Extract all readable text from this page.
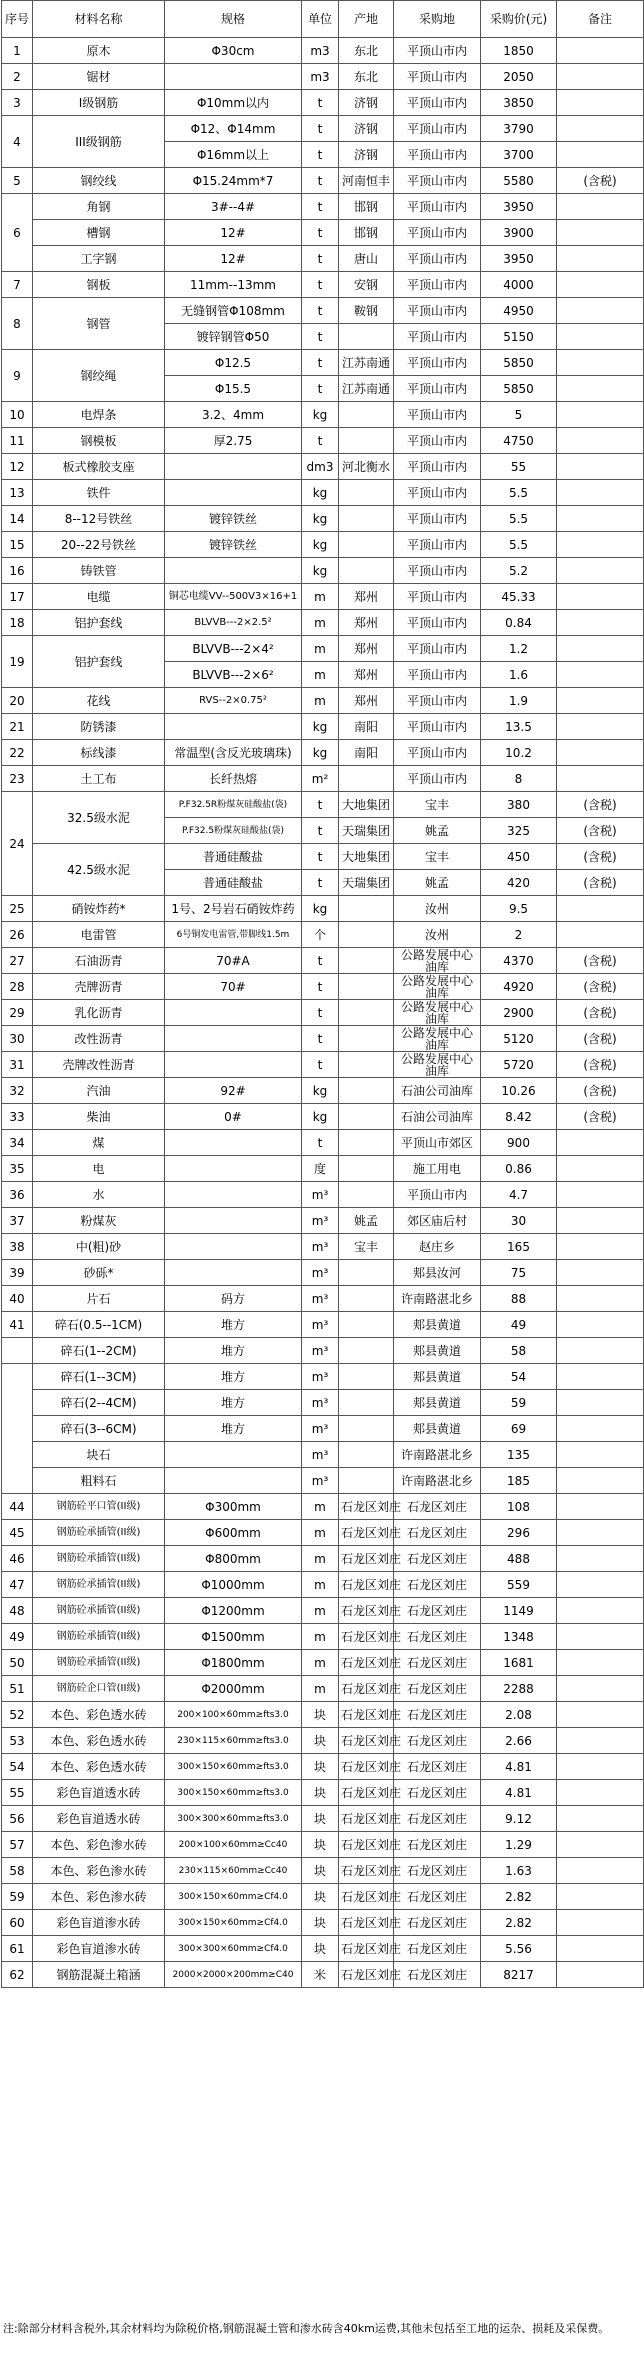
序号	材料名称	规格	单位	产地	采购地	采购价(元)	备注
1	原木	Φ30cm	m3	东北	平顶山市内	1850	
2	锯材		m3	东北	平顶山市内	2050	
3	I级钢筋	Φ10mm以内	t	济钢	平顶山市内	3850	
4	III级钢筋	Φ12、Φ14mm	t	济钢	平顶山市内	3790	
		Φ16mm以上	t	济钢	平顶山市内	3700	
5	钢绞线	Φ15.24mm*7	t	河南恒丰	平顶山市内	5580	(含税)
6	角钢	3#--4#	t	邯钢	平顶山市内	3950	
	槽钢	12#	t	邯钢	平顶山市内	3900	
	工字钢	12#	t	唐山	平顶山市内	3950	
7	钢板	11mm--13mm	t	安钢	平顶山市内	4000	
8	钢管	无缝钢管Φ108mm	t	鞍钢	平顶山市内	4950	
		镀锌钢管Φ50	t		平顶山市内	5150	
9	钢绞绳	Φ12.5	t	江苏南通	平顶山市内	5850	
		Φ15.5	t	江苏南通	平顶山市内	5850	
10	电焊条	3.2、4mm	kg		平顶山市内	5	
11	钢模板	厚2.75	t		平顶山市内	4750	
12	板式橡胶支座		dm3	河北衡水	平顶山市内	55	
13	铁件		kg		平顶山市内	5.5	
14	8--12号铁丝	镀锌铁丝	kg		平顶山市内	5.5	
15	20--22号铁丝	镀锌铁丝	kg		平顶山市内	5.5	
16	铸铁管		kg		平顶山市内	5.2	
17	电缆	铜芯电缆VV--500V3×16+1	m	郑州	平顶山市内	45.33	
18	铝护套线	BLVVB---2×2.5²	m	郑州	平顶山市内	0.84	
19	铝护套线	BLVVB---2×4²	m	郑州	平顶山市内	1.2	
		BLVVB---2×6²	m	郑州	平顶山市内	1.6	
20	花线	RVS--2×0.75²	m	郑州	平顶山市内	1.9	
21	防锈漆		kg	南阳	平顶山市内	13.5	
22	标线漆	常温型(含反光玻璃珠)	kg	南阳	平顶山市内	10.2	
23	土工布	长纤热熔	m²		平顶山市内	8	
24	32.5级水泥	P.F32.5R粉煤灰硅酸盐(袋)	t	大地集团	宝丰	380	(含税)
		P.F32.5粉煤灰硅酸盐(袋)	t	天瑞集团	姚孟	325	(含税)
	42.5级水泥	普通硅酸盐	t	大地集团	宝丰	450	(含税)
		普通硅酸盐	t	天瑞集团	姚孟	420	(含税)
25	硝铵炸药*	1号、2号岩石硝铵炸药	kg		汝州	9.5	
26	电雷管	6号铜发电雷管,带脚线1.5m	个		汝州	2	
27	石油沥青	70#A	t		公路发展中心油库	4370	(含税)
28	壳牌沥青	70#	t		公路发展中心油库	4920	(含税)
29	乳化沥青		t		公路发展中心油库	2900	(含税)
30	改性沥青		t		公路发展中心油库	5120	(含税)
31	壳牌改性沥青		t		公路发展中心油库	5720	(含税)
32	汽油	92#	kg		石油公司油库	10.26	(含税)
33	柴油	0#	kg		石油公司油库	8.42	(含税)
34	煤		t		平顶山市郊区	900	
35	电		度		施工用电	0.86	
36	水		m³		平顶山市内	4.7	
37	粉煤灰		m³	姚孟	郊区庙后村	30	
38	中(粗)砂		m³	宝丰	赵庄乡	165	
39	砂砾*		m³		郏县汝河	75	
40	片石	码方	m³		许南路湛北乡	88	
41	碎石(0.5--1CM)	堆方	m³		郏县黄道	49	
	碎石(1--2CM)	堆方	m³		郏县黄道	58	
	碎石(1--3CM)	堆方	m³		郏县黄道	54	
	碎石(2--4CM)	堆方	m³		郏县黄道	59	
	碎石(3--6CM)	堆方	m³		郏县黄道	69	
	块石		m³		许南路湛北乡	135	
	粗料石		m³		许南路湛北乡	185	
44	钢筋砼平口管(II级)	Φ300mm	m	石龙区刘庄	石龙区刘庄	108	
45	钢筋砼承插管(II级)	Φ600mm	m	石龙区刘庄	石龙区刘庄	296	
46	钢筋砼承插管(II级)	Φ800mm	m	石龙区刘庄	石龙区刘庄	488	
47	钢筋砼承插管(II级)	Φ1000mm	m	石龙区刘庄	石龙区刘庄	559	
48	钢筋砼承插管(II级)	Φ1200mm	m	石龙区刘庄	石龙区刘庄	1149	
49	钢筋砼承插管(II级)	Φ1500mm	m	石龙区刘庄	石龙区刘庄	1348	
50	钢筋砼承插管(II级)	Φ1800mm	m	石龙区刘庄	石龙区刘庄	1681	
51	钢筋砼企口管(II级)	Φ2000mm	m	石龙区刘庄	石龙区刘庄	2288	
52	本色、彩色透水砖	200×100×60mm≥fts3.0	块	石龙区刘庄	石龙区刘庄	2.08	
53	本色、彩色透水砖	230×115×60mm≥fts3.0	块	石龙区刘庄	石龙区刘庄	2.66	
54	本色、彩色透水砖	300×150×60mm≥fts3.0	块	石龙区刘庄	石龙区刘庄	4.81	
55	彩色盲道透水砖	300×150×60mm≥fts3.0	块	石龙区刘庄	石龙区刘庄	4.81	
56	彩色盲道透水砖	300×300×60mm≥fts3.0	块	石龙区刘庄	石龙区刘庄	9.12	
57	本色、彩色渗水砖	200×100×60mm≥Cc40	块	石龙区刘庄	石龙区刘庄	1.29	
58	本色、彩色渗水砖	230×115×60mm≥Cc40	块	石龙区刘庄	石龙区刘庄	1.63	
59	本色、彩色渗水砖	300×150×60mm≥Cf4.0	块	石龙区刘庄	石龙区刘庄	2.82	
60	彩色盲道渗水砖	300×150×60mm≥Cf4.0	块	石龙区刘庄	石龙区刘庄	2.82	
61	彩色盲道渗水砖	300×300×60mm≥Cf4.0	块	石龙区刘庄	石龙区刘庄	5.56	
62	钢筋混凝土箱涵	2000×2000×200mm≥C40	米	石龙区刘庄	石龙区刘庄	8217	
注:除部分材料含税外,其余材料均为除税价格,钢筋混凝土管和渗水砖含40km运费,其他未包括至工地的运杂、损耗及采保费。
